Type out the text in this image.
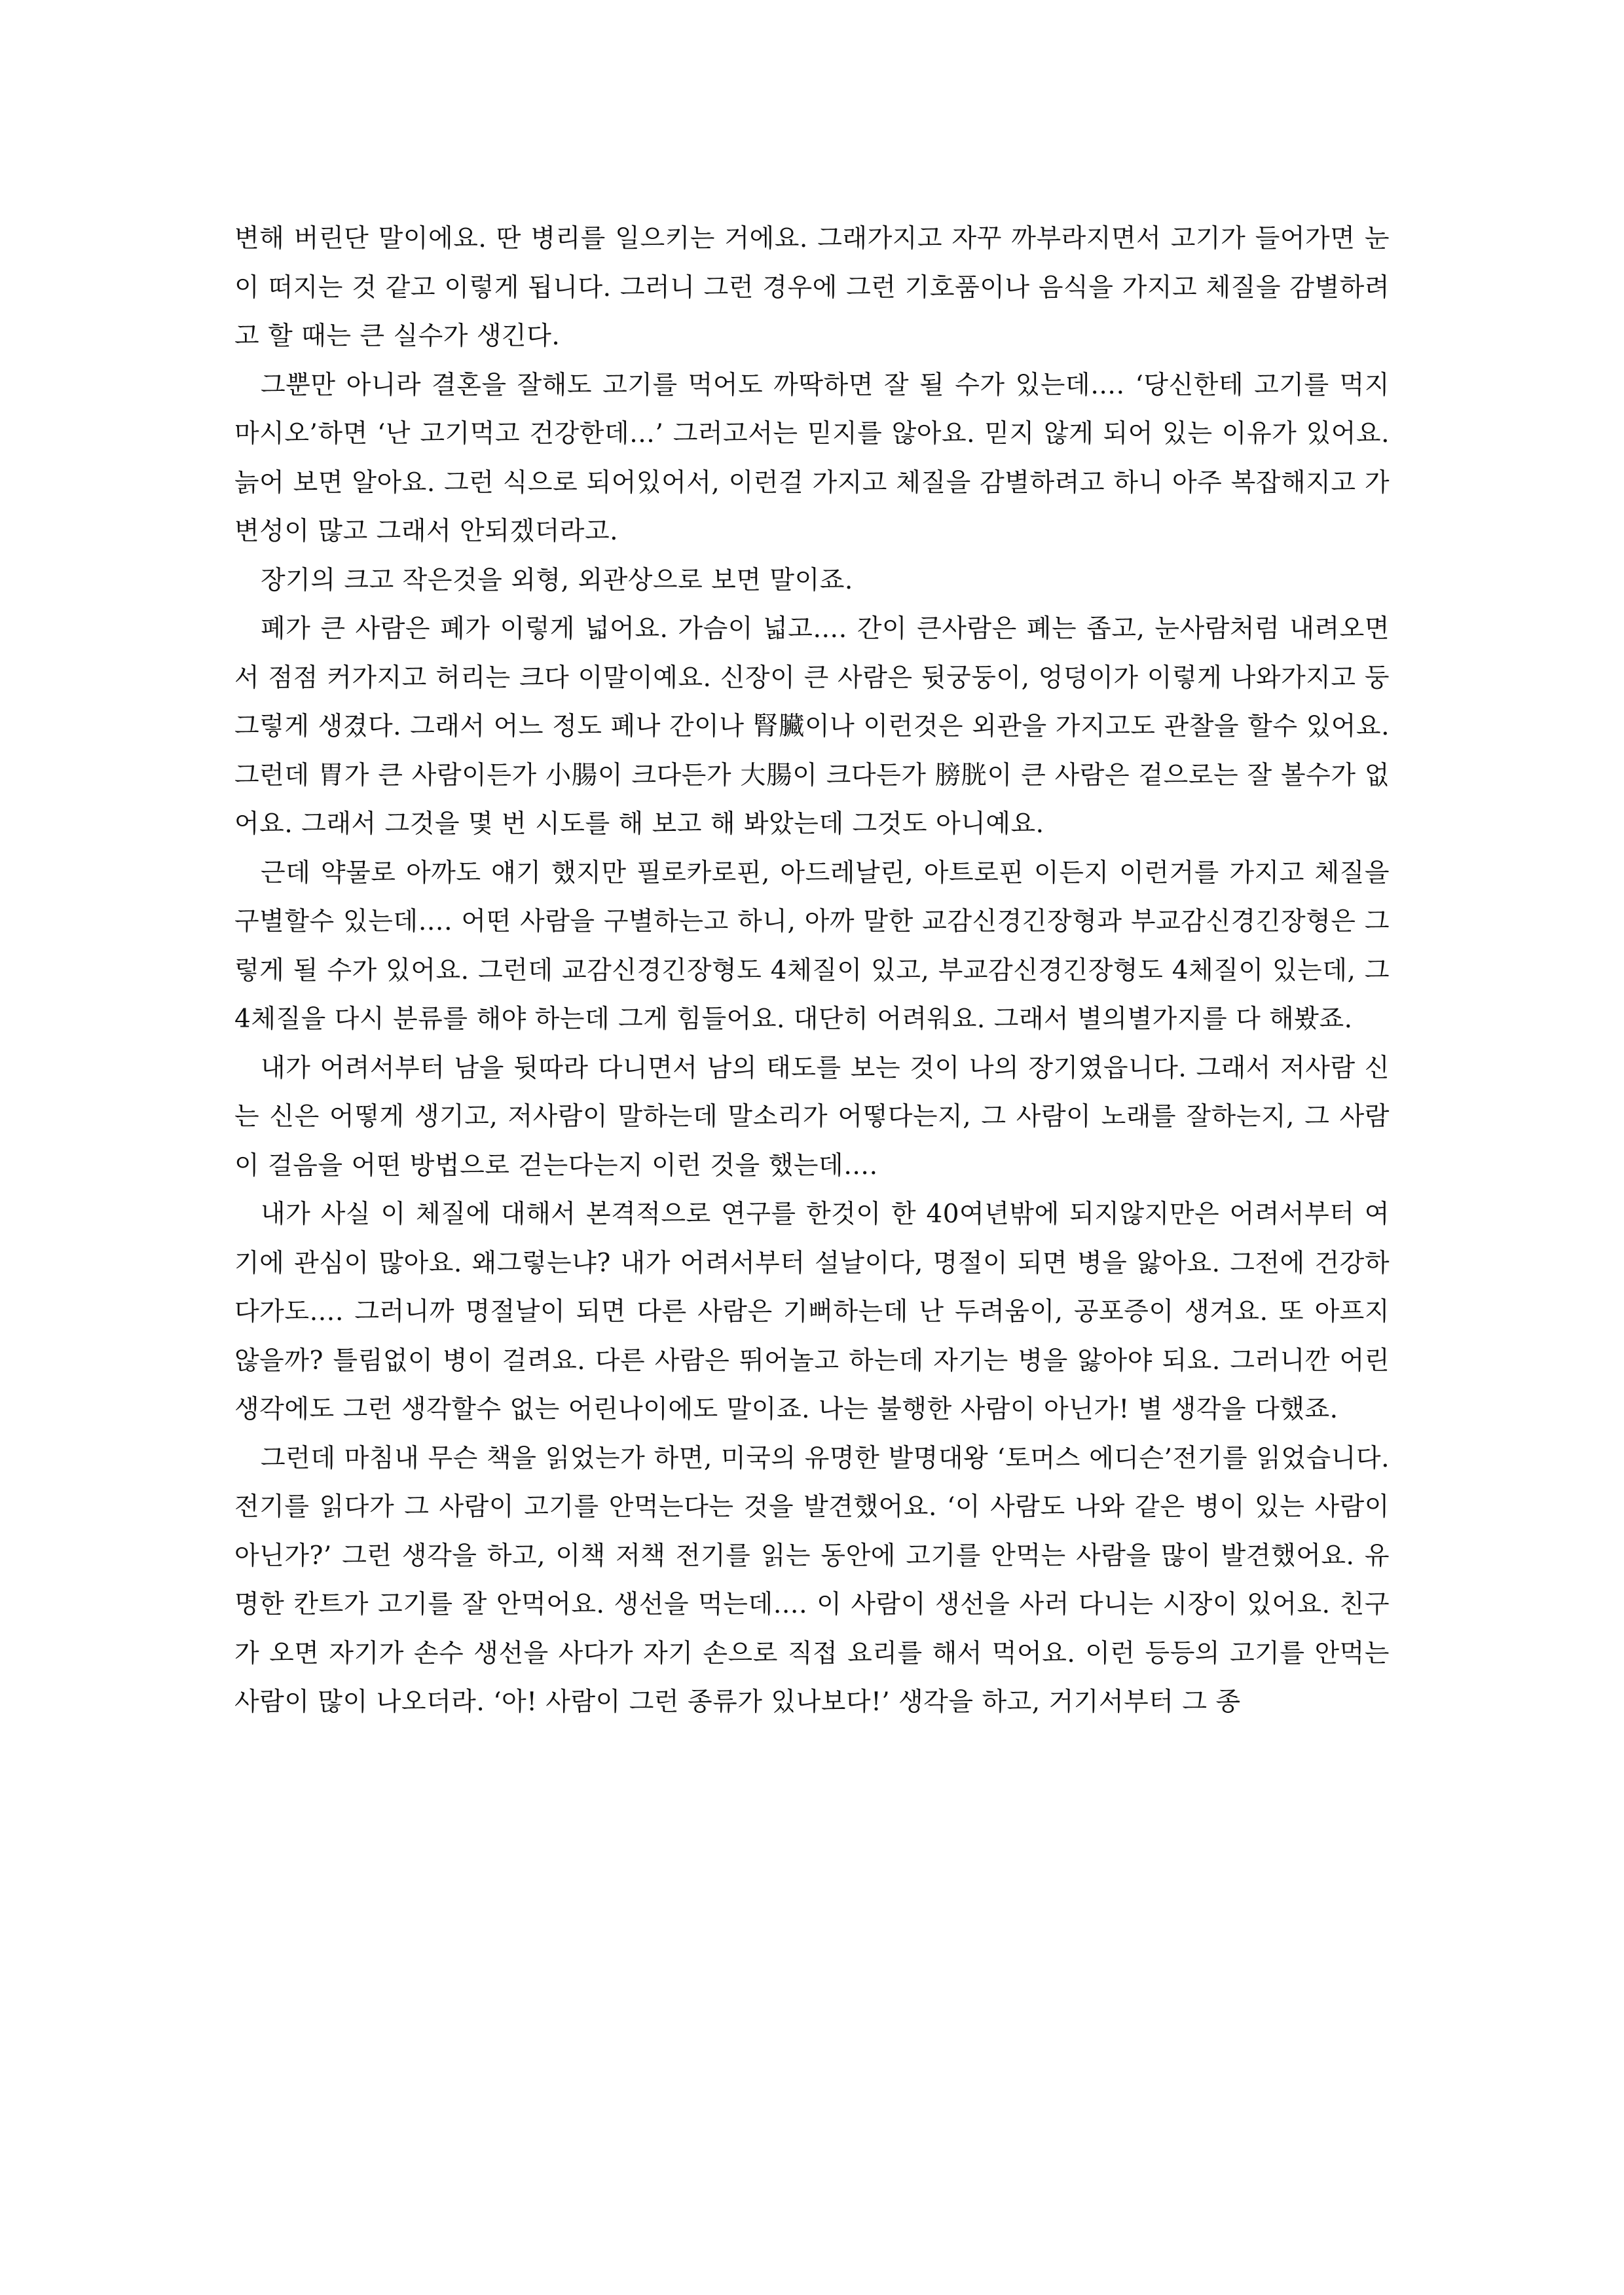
변해 버린단 말이에요. 딴 병리를 일으키는 거에요. 그래가지고 자꾸 까부라지면서 고기가 들어가면 눈이 떠지는 것 같고 이렇게 됩니다. 그러니 그런 경우에 그런 기호품이나 음식을 가지고 체질을 감별하려고 할 때는 큰 실수가 생긴다.

그뿐만 아니라 결혼을 잘해도 고기를 먹어도 까딱하면 잘 될 수가 있는데…. ‘당신한테 고기를 먹지 마시오’하면 ‘난 고기먹고 건강한데…’ 그러고서는 믿지를 않아요. 믿지 않게 되어 있는 이유가 있어요. 늙어 보면 알아요. 그런 식으로 되어있어서, 이런걸 가지고 체질을 감별하려고 하니 아주 복잡해지고 가변성이 많고 그래서 안되겠더라고.

장기의 크고 작은것을 외형, 외관상으로 보면 말이죠.

폐가 큰 사람은 폐가 이렇게 넓어요. 가슴이 넓고…. 간이 큰사람은 폐는 좁고, 눈사람처럼 내려오면서 점점 커가지고 허리는 크다 이말이예요. 신장이 큰 사람은 뒷궁둥이, 엉덩이가 이렇게 나와가지고 둥그렇게 생겼다. 그래서 어느 정도 폐나 간이나 腎臟이나 이런것은 외관을 가지고도 관찰을 할수 있어요. 그런데 胃가 큰 사람이든가 小腸이 크다든가 大腸이 크다든가 膀胱이 큰 사람은 겉으로는 잘 볼수가 없어요. 그래서 그것을 몇 번 시도를 해 보고 해 봐았는데 그것도 아니예요.

근데 약물로 아까도 얘기 했지만 필로카로핀, 아드레날린, 아트로핀 이든지 이런거를 가지고 체질을 구별할수 있는데…. 어떤 사람을 구별하는고 하니, 아까 말한 교감신경긴장형과 부교감신경긴장형은 그렇게 될 수가 있어요. 그런데 교감신경긴장형도 4체질이 있고, 부교감신경긴장형도 4체질이 있는데, 그 4체질을 다시 분류를 해야 하는데 그게 힘들어요. 대단히 어려워요. 그래서 별의별가지를 다 해봤죠.

내가 어려서부터 남을 뒷따라 다니면서 남의 태도를 보는 것이 나의 장기였읍니다. 그래서 저사람 신는 신은 어떻게 생기고, 저사람이 말하는데 말소리가 어떻다는지, 그 사람이 노래를 잘하는지, 그 사람이 걸음을 어떤 방법으로 걷는다는지 이런 것을 했는데….

내가 사실 이 체질에 대해서 본격적으로 연구를 한것이 한 40여년밖에 되지않지만은 어려서부터 여기에 관심이 많아요. 왜그렇는냐? 내가 어려서부터 설날이다, 명절이 되면 병을 앓아요. 그전에 건강하다가도…. 그러니까 명절날이 되면 다른 사람은 기뻐하는데 난 두려움이, 공포증이 생겨요. 또 아프지 않을까? 틀림없이 병이 걸려요. 다른 사람은 뛰어놀고 하는데 자기는 병을 앓아야 되요. 그러니깐 어린 생각에도 그런 생각할수 없는 어린나이에도 말이죠. 나는 불행한 사람이 아닌가! 별 생각을 다했죠.

그런데 마침내 무슨 책을 읽었는가 하면, 미국의 유명한 발명대왕 ‘토머스 에디슨’전기를 읽었습니다. 전기를 읽다가 그 사람이 고기를 안먹는다는 것을 발견했어요. ‘이 사람도 나와 같은 병이 있는 사람이 아닌가?’ 그런 생각을 하고, 이책 저책 전기를 읽는 동안에 고기를 안먹는 사람을 많이 발견했어요. 유명한 칸트가 고기를 잘 안먹어요. 생선을 먹는데…. 이 사람이 생선을 사러 다니는 시장이 있어요. 친구가 오면 자기가 손수 생선을 사다가 자기 손으로 직접 요리를 해서 먹어요. 이런 등등의 고기를 안먹는 사람이 많이 나오더라. ‘아! 사람이 그런 종류가 있나보다!’ 생각을 하고, 거기서부터 그 종
